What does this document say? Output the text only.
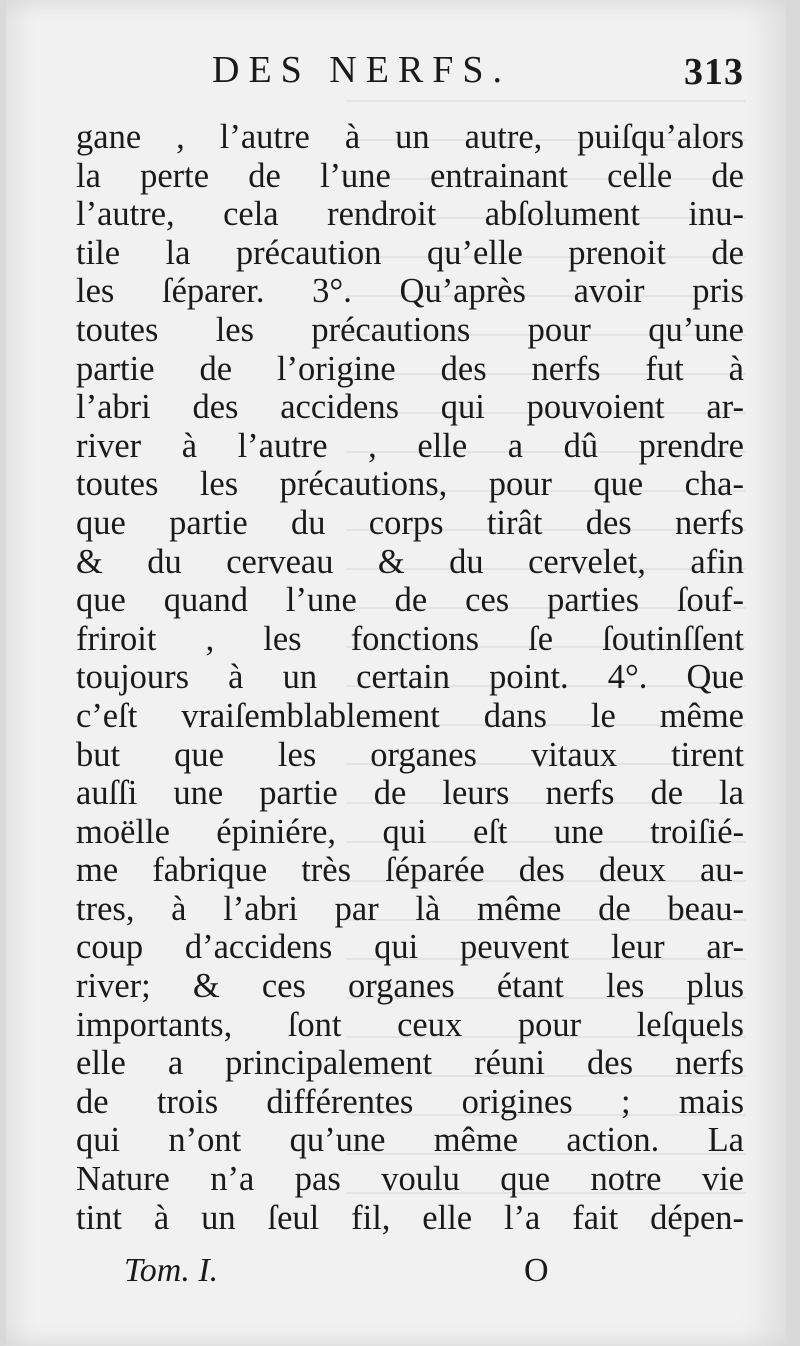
DES NERFS.	313
gane , l’autre à un autre, puiſqu’alors
la perte de l’une entrainant celle de
l’autre, cela rendroit abſolument inu-
tile la précaution qu’elle prenoit de
les ſéparer. 3°. Qu’après avoir pris
toutes les précautions pour qu’une
partie de l’origine des nerfs fut à
l’abri des accidens qui pouvoient ar-
river à l’autre , elle a dû prendre
toutes les précautions, pour que cha-
que partie du corps tirât des nerfs
& du cerveau & du cervelet, afin
que quand l’une de ces parties ſouf-
friroit , les fonctions ſe ſoutinſſent
toujours à un certain point. 4°. Que
c’eſt vraiſemblablement dans le même
but que les organes vitaux tirent
auſſi une partie de leurs nerfs de la
moëlle épiniére, qui eſt une troiſié-
me fabrique très ſéparée des deux au-
tres, à l’abri par là même de beau-
coup d’accidens qui peuvent leur ar-
river; & ces organes étant les plus
importants, ſont ceux pour leſquels
elle a principalement réuni des nerfs
de trois différentes origines ; mais
qui n’ont qu’une même action. La
Nature n’a pas voulu que notre vie
tint à un ſeul fil, elle l’a fait dépen-
Tom. I.	O
